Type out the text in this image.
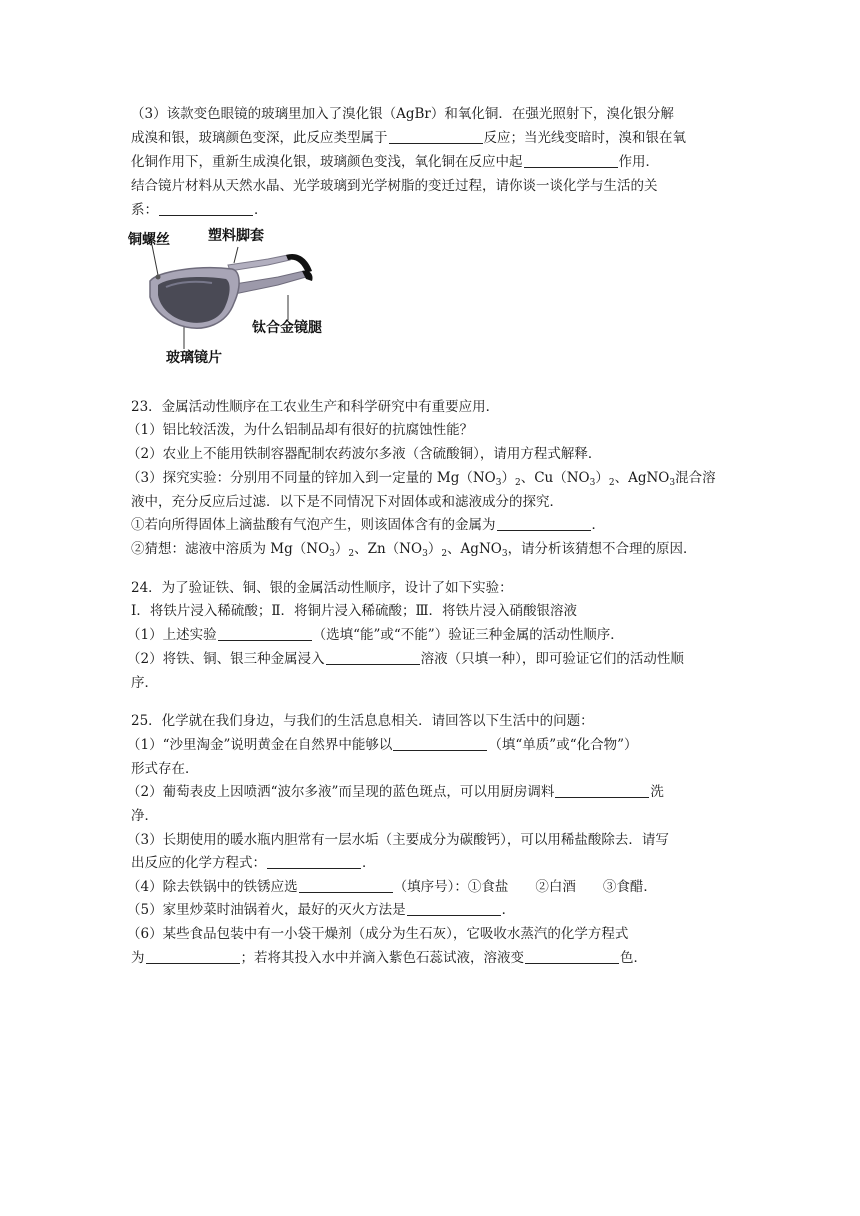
（3）该款变色眼镜的玻璃里加入了溴化银（AgBr）和氧化铜．在强光照射下，溴化银分解
成溴和银，玻璃颜色变深，此反应类型属于	反应；当光线变暗时，溴和银在氧
化铜作用下，重新生成溴化银，玻璃颜色变浅，氧化铜在反应中起	作用．
结合镜片材料从天然水晶、光学玻璃到光学树脂的变迁过程，请你谈一谈化学与生活的关
系：	．
铜螺丝	塑料脚套
钛合金镜腿
玻璃镜片
23．金属活动性顺序在工农业生产和科学研究中有重要应用．
（1）铝比较活泼，为什么铝制品却有很好的抗腐蚀性能？
（2）农业上不能用铁制容器配制农药波尔多液（含硫酸铜），请用方程式解释．
（3）探究实验：分别用不同量的锌加入到一定量的 $Mg(NO_3)_2$、$Cu(NO_3)_2$、AgNO$_3$混合溶
液中，充分反应后过滤．以下是不同情况下对固体或和滤液成分的探究．
①若向所得固体上滴盐酸有气泡产生，则该固体含有的金属为	．
②猜想：滤液中溶质为 $Mg(NO_3)_2$、$Zn(NO_3)_2$、AgNO$_3$，请分析该猜想不合理的原因．
24．为了验证铁、铜、银的金属活动性顺序，设计了如下实验：
Ⅰ．将铁片浸入稀硫酸；Ⅱ．将铜片浸入稀硫酸；Ⅲ．将铁片浸入硝酸银溶液
（1）上述实验	（选填“能”或“不能”）验证三种金属的活动性顺序．
（2）将铁、铜、银三种金属浸入	溶液（只填一种），即可验证它们的活动性顺
序．
25．化学就在我们身边，与我们的生活息息相关．请回答以下生活中的问题：
（1）“沙里淘金”说明黄金在自然界中能够以	（填“单质”或“化合物”）
形式存在．
（2）葡萄表皮上因喷洒“波尔多液”而呈现的蓝色斑点，可以用厨房调料	洗
净．
（3）长期使用的暖水瓶内胆常有一层水垢（主要成分为碳酸钙），可以用稀盐酸除去．请写
出反应的化学方程式：	．
（4）除去铁锅中的铁锈应选	（填序号）：①食盐　　②白酒　　③食醋．
（5）家里炒菜时油锅着火，最好的灭火方法是	．
（6）某些食品包装中有一小袋干燥剂（成分为生石灰），它吸收水蒸汽的化学方程式
为	；若将其投入水中并滴入紫色石蕊试液，溶液变	色．
